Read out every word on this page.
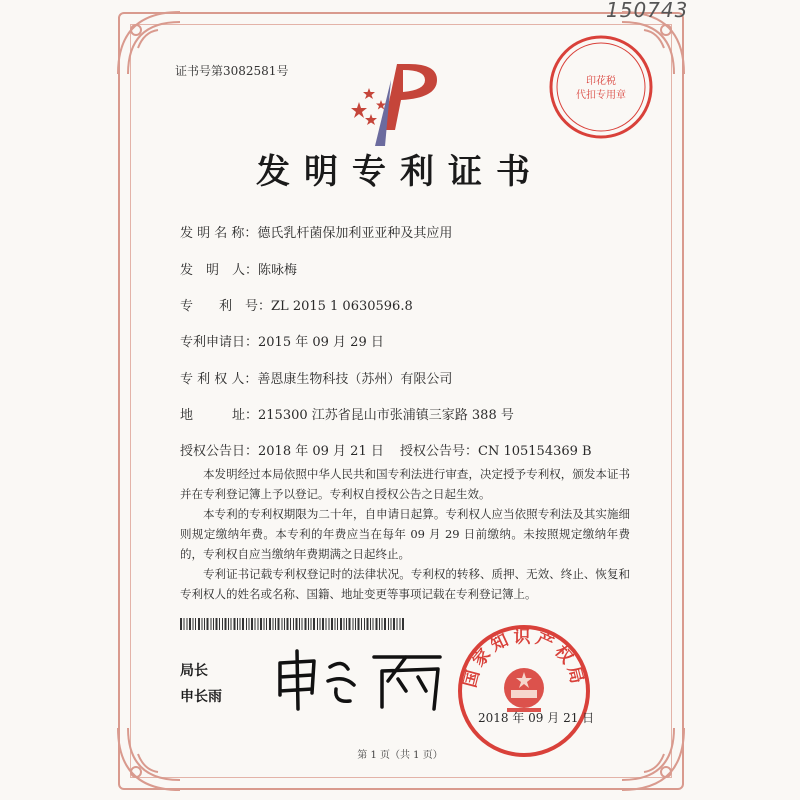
150743
证书号第3082581号
印花税
代扣专用章
发明专利证书
发 明 名 称：德氏乳杆菌保加利亚亚种及其应用
发　明　人：陈咏梅
专　　利　号：ZL 2015 1 0630596.8
专利申请日：2015 年 09 月 29 日
专 利 权 人：善恩康生物科技（苏州）有限公司
地　　　址：215300 江苏省昆山市张浦镇三家路 388 号
授权公告日：2018 年 09 月 21 日 授权公告号：CN 105154369 B

本发明经过本局依照中华人民共和国专利法进行审查，决定授予专利权，颁发本证书并在专利登记簿上予以登记。专利权自授权公告之日起生效。

本专利的专利权期限为二十年，自申请日起算。专利权人应当依照专利法及其实施细则规定缴纳年费。本专利的年费应当在每年 09 月 29 日前缴纳。未按照规定缴纳年费的，专利权自应当缴纳年费期满之日起终止。

专利证书记载专利权登记时的法律状况。专利权的转移、质押、无效、终止、恢复和专利权人的姓名或名称、国籍、地址变更等事项记载在专利登记簿上。

局长
申长雨
国家知识产权局
2018 年 09 月 21 日
第 1 页（共 1 页）
